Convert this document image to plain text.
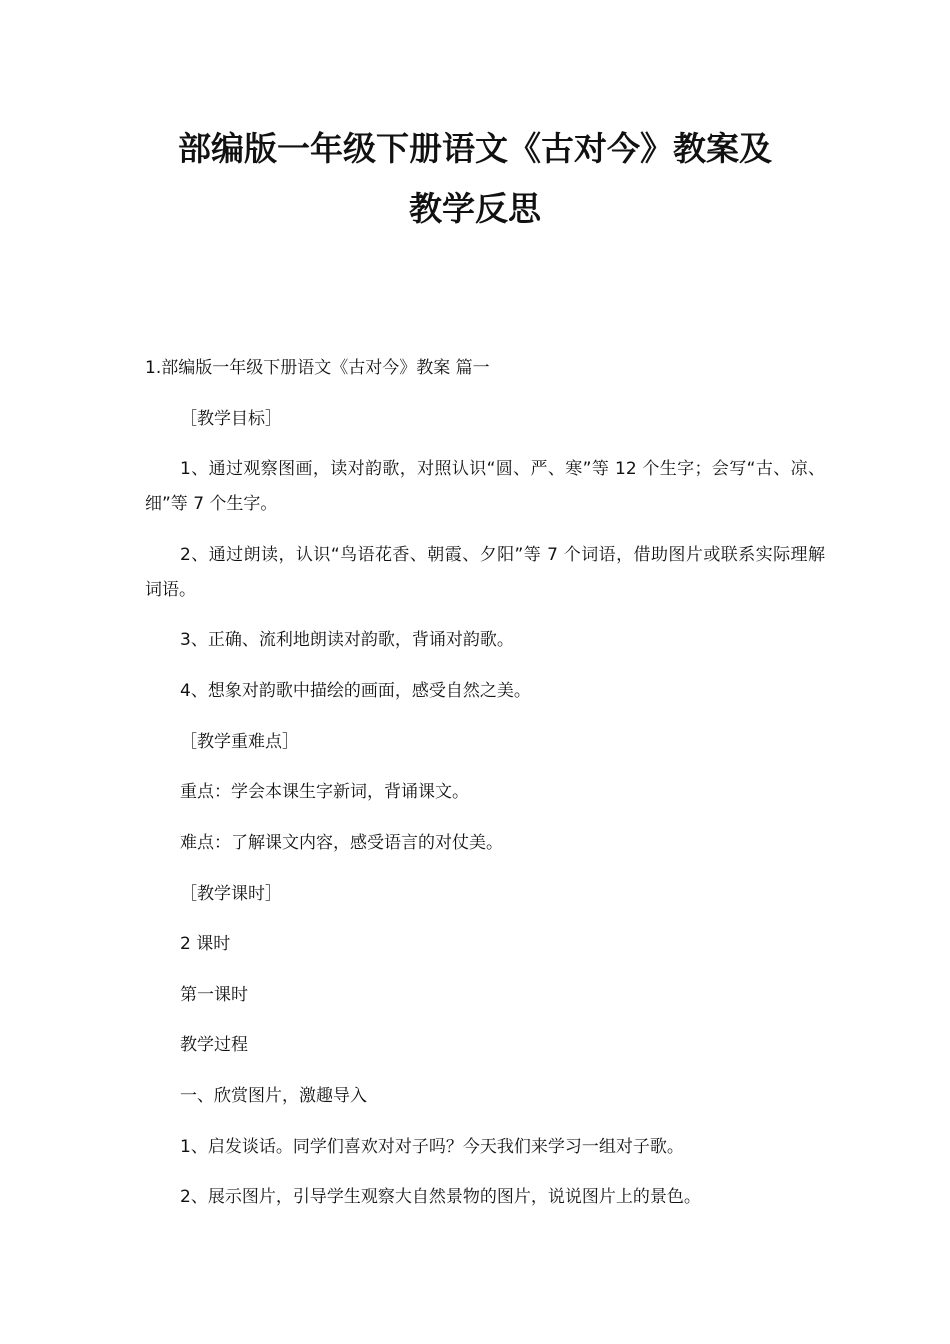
部编版一年级下册语文《古对今》教案及
教学反思

1.部编版一年级下册语文《古对今》教案 篇一

［教学目标］

1、通过观察图画，读对韵歌，对照认识“圆、严、寒”等 12 个生字；会写“古、凉、细”等 7 个生字。

2、通过朗读，认识“鸟语花香、朝霞、夕阳”等 7 个词语，借助图片或联系实际理解词语。

3、正确、流利地朗读对韵歌，背诵对韵歌。

4、想象对韵歌中描绘的画面，感受自然之美。

［教学重难点］

重点：学会本课生字新词，背诵课文。

难点：了解课文内容，感受语言的对仗美。

［教学课时］

2 课时

第一课时

教学过程

一、欣赏图片，激趣导入

1、启发谈话。同学们喜欢对对子吗？今天我们来学习一组对子歌。

2、展示图片，引导学生观察大自然景物的图片，说说图片上的景色。
